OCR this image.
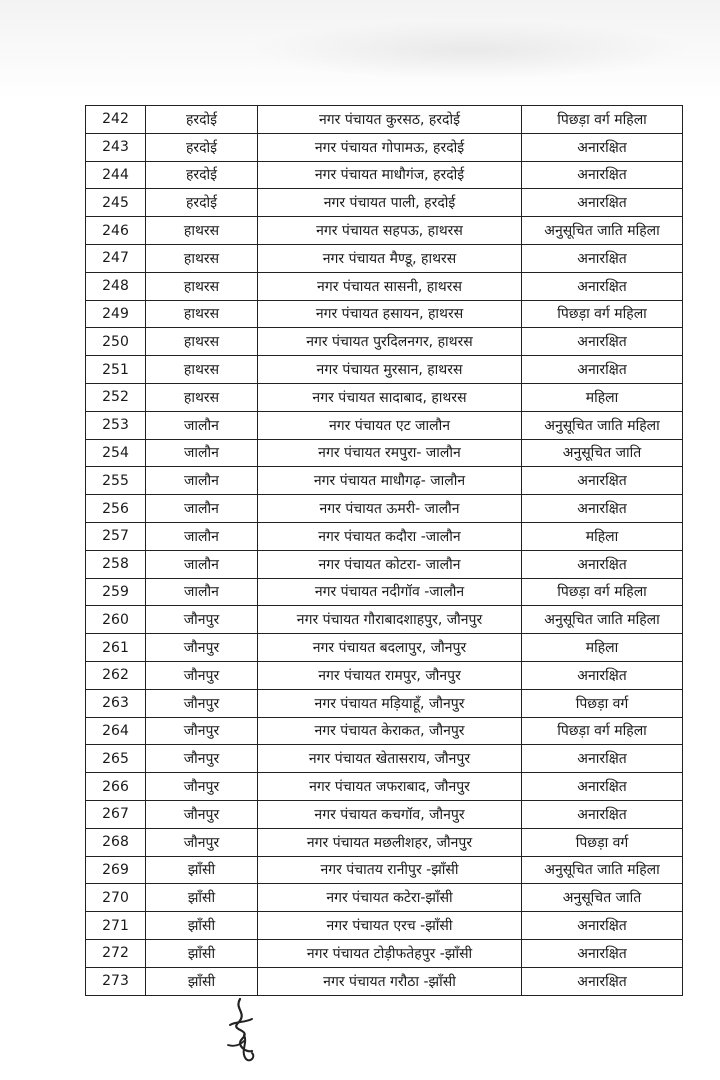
242	हरदोई	नगर पंचायत कुरसठ, हरदोई	पिछड़ा वर्ग महिला
243	हरदोई	नगर पंचायत गोपामऊ, हरदोई	अनारक्षित
244	हरदोई	नगर पंचायत माधौगंज, हरदोई	अनारक्षित
245	हरदोई	नगर पंचायत पाली, हरदोई	अनारक्षित
246	हाथरस	नगर पंचायत सहपऊ, हाथरस	अनुसूचित जाति महिला
247	हाथरस	नगर पंचायत मैण्डू, हाथरस	अनारक्षित
248	हाथरस	नगर पंचायत सासनी, हाथरस	अनारक्षित
249	हाथरस	नगर पंचायत हसायन, हाथरस	पिछड़ा वर्ग महिला
250	हाथरस	नगर पंचायत पुरदिलनगर, हाथरस	अनारक्षित
251	हाथरस	नगर पंचायत मुरसान, हाथरस	अनारक्षित
252	हाथरस	नगर पंचायत सादाबाद, हाथरस	महिला
253	जालौन	नगर पंचायत एट जालौन	अनुसूचित जाति महिला
254	जालौन	नगर पंचायत रमपुरा- जालौन	अनुसूचित जाति
255	जालौन	नगर पंचायत माधौगढ़- जालौन	अनारक्षित
256	जालौन	नगर पंचायत ऊमरी- जालौन	अनारक्षित
257	जालौन	नगर पंचायत कदौरा -जालौन	महिला
258	जालौन	नगर पंचायत कोटरा- जालौन	अनारक्षित
259	जालौन	नगर पंचायत नदीगॉव -जालौन	पिछड़ा वर्ग महिला
260	जौनपुर	नगर पंचायत गौराबादशाहपुर, जौनपुर	अनुसूचित जाति महिला
261	जौनपुर	नगर पंचायत बदलापुर, जौनपुर	महिला
262	जौनपुर	नगर पंचायत रामपुर, जौनपुर	अनारक्षित
263	जौनपुर	नगर पंचायत मड़ियाहूँ, जौनपुर	पिछड़ा वर्ग
264	जौनपुर	नगर पंचायत केराकत, जौनपुर	पिछड़ा वर्ग महिला
265	जौनपुर	नगर पंचायत खेतासराय, जौनपुर	अनारक्षित
266	जौनपुर	नगर पंचायत जफराबाद, जौनपुर	अनारक्षित
267	जौनपुर	नगर पंचायत कचगॉव, जौनपुर	अनारक्षित
268	जौनपुर	नगर पंचायत मछलीशहर, जौनपुर	पिछड़ा वर्ग
269	झाँसी	नगर पंचातय रानीपुर -झाँसी	अनुसूचित जाति महिला
270	झाँसी	नगर पंचायत कटेरा-झाँसी	अनुसूचित जाति
271	झाँसी	नगर पंचायत एरच -झाँसी	अनारक्षित
272	झाँसी	नगर पंचायत टोड़ीफतेहपुर -झाँसी	अनारक्षित
273	झाँसी	नगर पंचायत गरौठा -झाँसी	अनारक्षित
